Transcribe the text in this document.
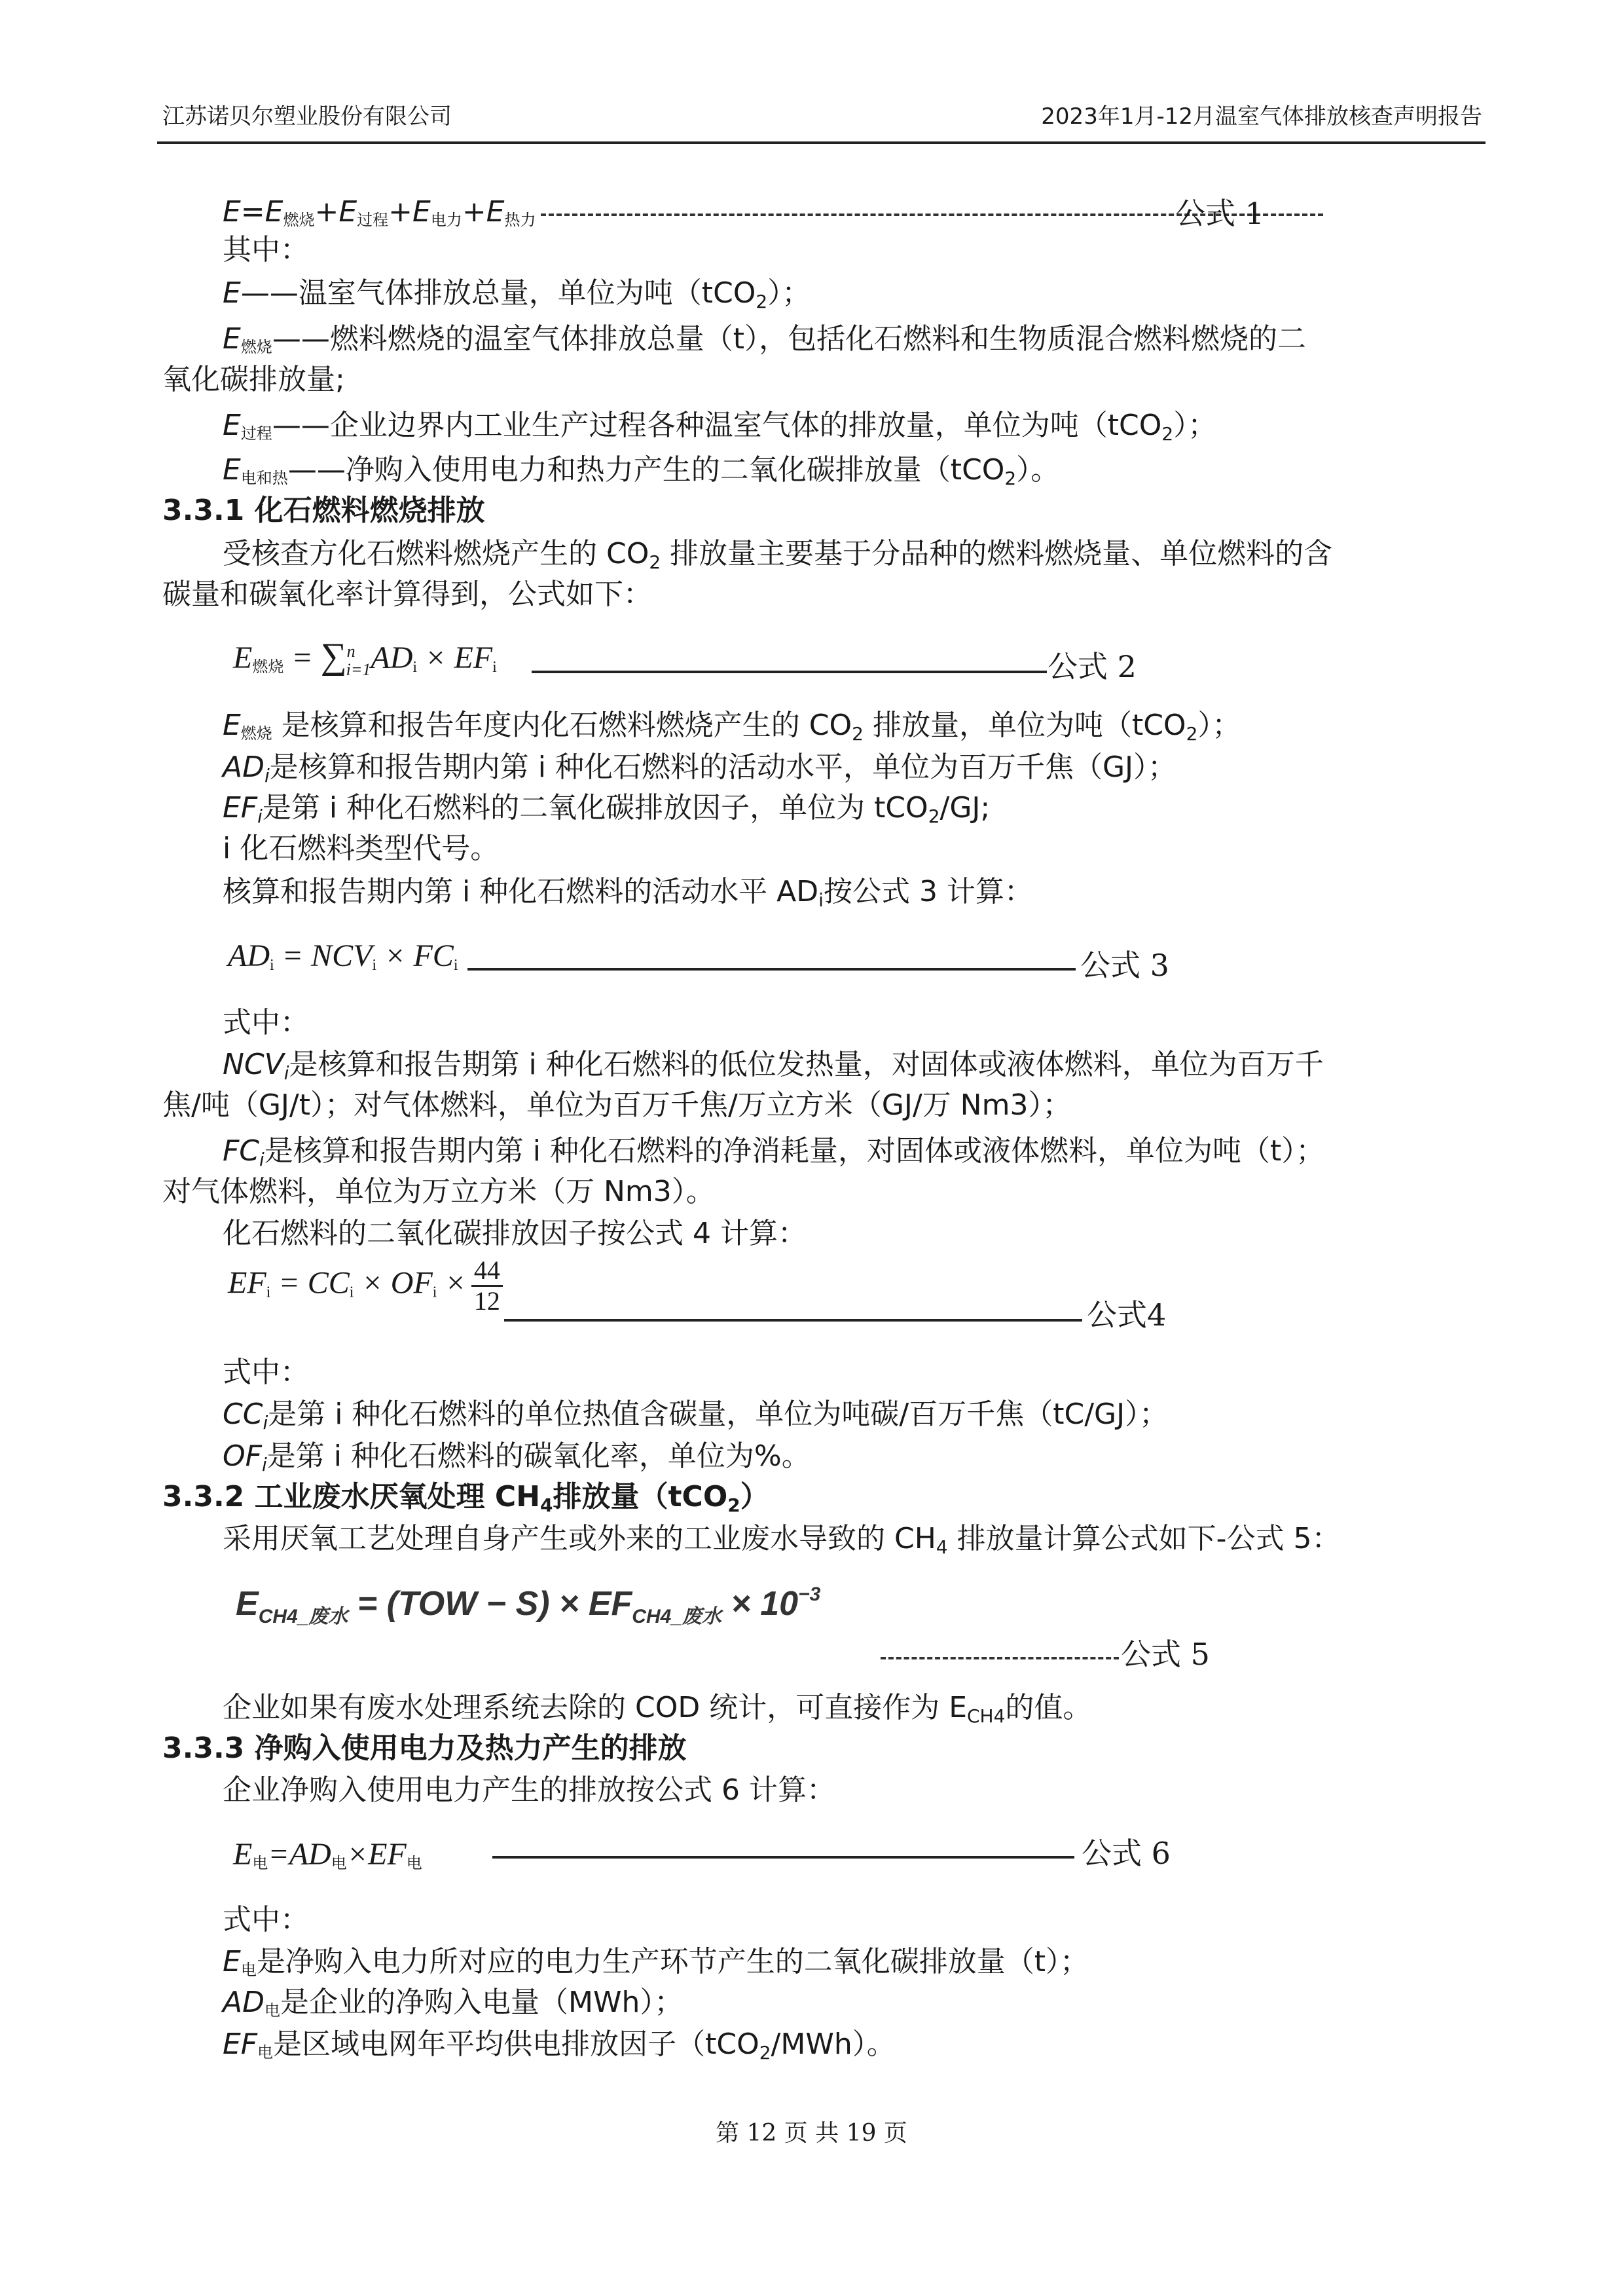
江苏诺贝尔塑业股份有限公司	2023年1月-12月温室气体排放核查声明报告
$E=E_{燃烧}+E_{过程}+E_{电力}+E_{热力}$	公式 1
其中：
E——温室气体排放总量，单位为吨（tCO$_2$）；
$E_{燃烧}——$燃料燃烧的温室气体排放总量（t），包括化石燃料和生物质混合燃料燃烧的二
氧化碳排放量;
$E_{过程}——$企业边界内工业生产过程各种温室气体的排放量，单位为吨（tCO$_2$）；
$E_{电和热}——$净购入使用电力和热力产生的二氧化碳排放量（tCO$_2$）。
3.3.1 化石燃料燃烧排放
受核查方化石燃料燃烧产生的 $CO_2$ 排放量主要基于分品种的燃料燃烧量、单位燃料的含
碳量和碳氧化率计算得到，公式如下：
$E_{燃烧} = \sum^n_{i=1}AD_i \times EF_i$	公式 2
$E_{燃烧}$ 是核算和报告年度内化石燃料燃烧产生的 $CO_2$ 排放量，单位为吨（tCO$_2$）；
$AD_i$是核算和报告期内第 i 种化石燃料的活动水平，单位为百万千焦（GJ）；
$EF_i$是第 i 种化石燃料的二氧化碳排放因子，单位为 tCO$_2$/GJ;
i 化石燃料类型代号。
核算和报告期内第 i 种化石燃料的活动水平 $AD_i$按公式 3 计算：
$AD_i = NCV_i \times FC_i$	公式 3
式中：
$NCV_i$是核算和报告期第 i 种化石燃料的低位发热量，对固体或液体燃料，单位为百万千
焦/吨（GJ/t）；对气体燃料，单位为百万千焦/万立方米（GJ/万 Nm3）；
$FC_i$是核算和报告期内第 i 种化石燃料的净消耗量，对固体或液体燃料，单位为吨（t）；
对气体燃料，单位为万立方米（万 Nm3）。
化石燃料的二氧化碳排放因子按公式 4 计算：
$EF_i = CC_i \times OF_i \times \frac{44}{12}$	公式4
式中：
$CC_i$是第 i 种化石燃料的单位热值含碳量，单位为吨碳/百万千焦（tC/GJ）；
$OF_i$是第 i 种化石燃料的碳氧化率，单位为%。
3.3.2 工业废水厌氧处理 $CH_4$排放量（tCO$_2$）
采用厌氧工艺处理自身产生或外来的工业废水导致的 $CH_4$ 排放量计算公式如下-公式 5：
$E_{CH4\_废水} = (TOW - S) \times EF_{CH4\_废水} \times 10^{-3}$
公式 5
企业如果有废水处理系统去除的 COD 统计，可直接作为 $E_{CH4}$的值。
3.3.3 净购入使用电力及热力产生的排放
企业净购入使用电力产生的排放按公式 6 计算：
$E_电=AD_电\times EF_电$	公式 6
式中：
$E_电$是净购入电力所对应的电力生产环节产生的二氧化碳排放量（t）；
$AD_电$是企业的净购入电量（MWh）；
$EF_电$是区域电网年平均供电排放因子（tCO$_2$/MWh）。
第 12 页 共 19 页
